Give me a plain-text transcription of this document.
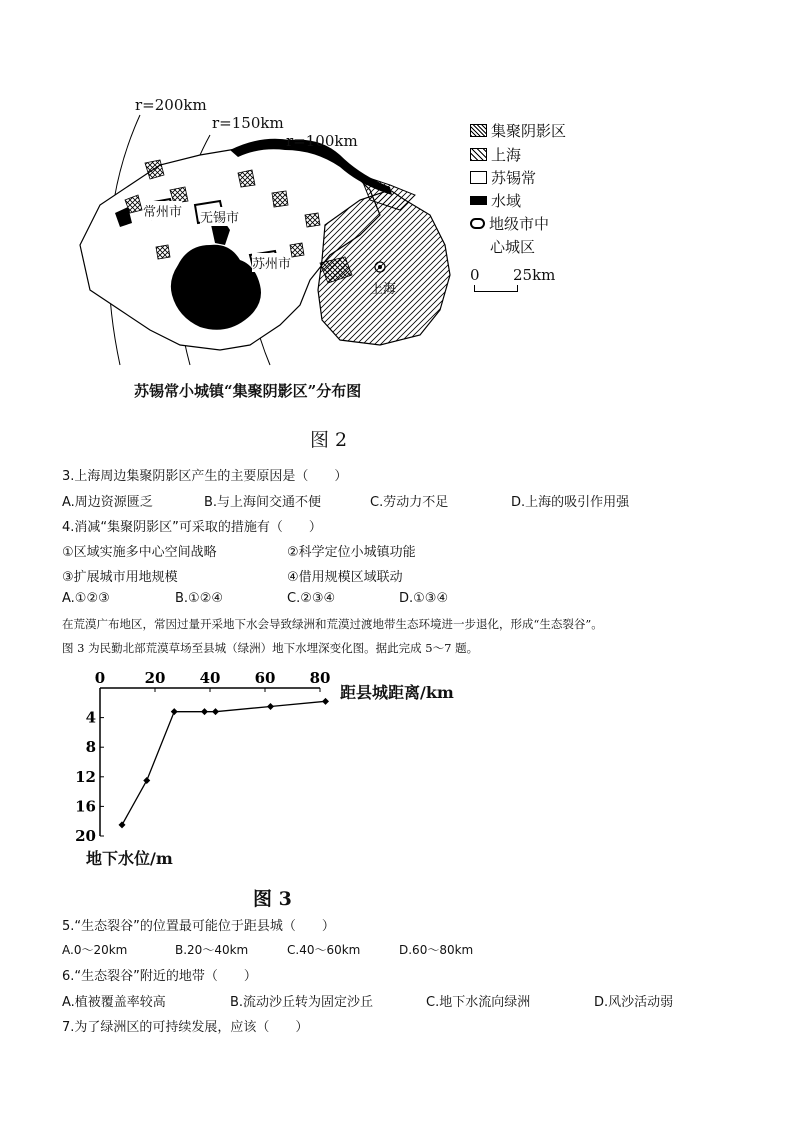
r=200km
r=150km
r=100km
常州市 无锡市
苏州市
上海
集聚阴影区
上海
苏锡常
水域
地级市中
心城区
0 25km
苏锡常小城镇“集聚阴影区”分布图
图 2
3.上海周边集聚阴影区产生的主要原因是（　　）
A.周边资源匮乏	B.与上海间交通不便	C.劳动力不足	D.上海的吸引作用强
4.消减“集聚阴影区”可采取的措施有（　　）
①区域实施多中心空间战略	②科学定位小城镇功能
③扩展城市用地规模	④借用规模区域联动
A.①②③	B.①②④	C.②③④	D.①③④
在荒漠广布地区，常因过量开采地下水会导致绿洲和荒漠过渡地带生态环境进一步退化，形成“生态裂谷”。
图 3 为民勤北部荒漠草场至县城（绿洲）地下水埋深变化图。据此完成 5～7 题。
0	20 40 60 80
4
8
12
16
20
距县城距离/km
地下水位/m
图 3
5.“生态裂谷”的位置最可能位于距县城（　　）
A.0～20km	B.20～40km	C.40～60km	D.60～80km
6.“生态裂谷”附近的地带（　　）
A.植被覆盖率较高	B.流动沙丘转为固定沙丘	C.地下水流向绿洲	D.风沙活动弱
7.为了绿洲区的可持续发展，应该（　　）
